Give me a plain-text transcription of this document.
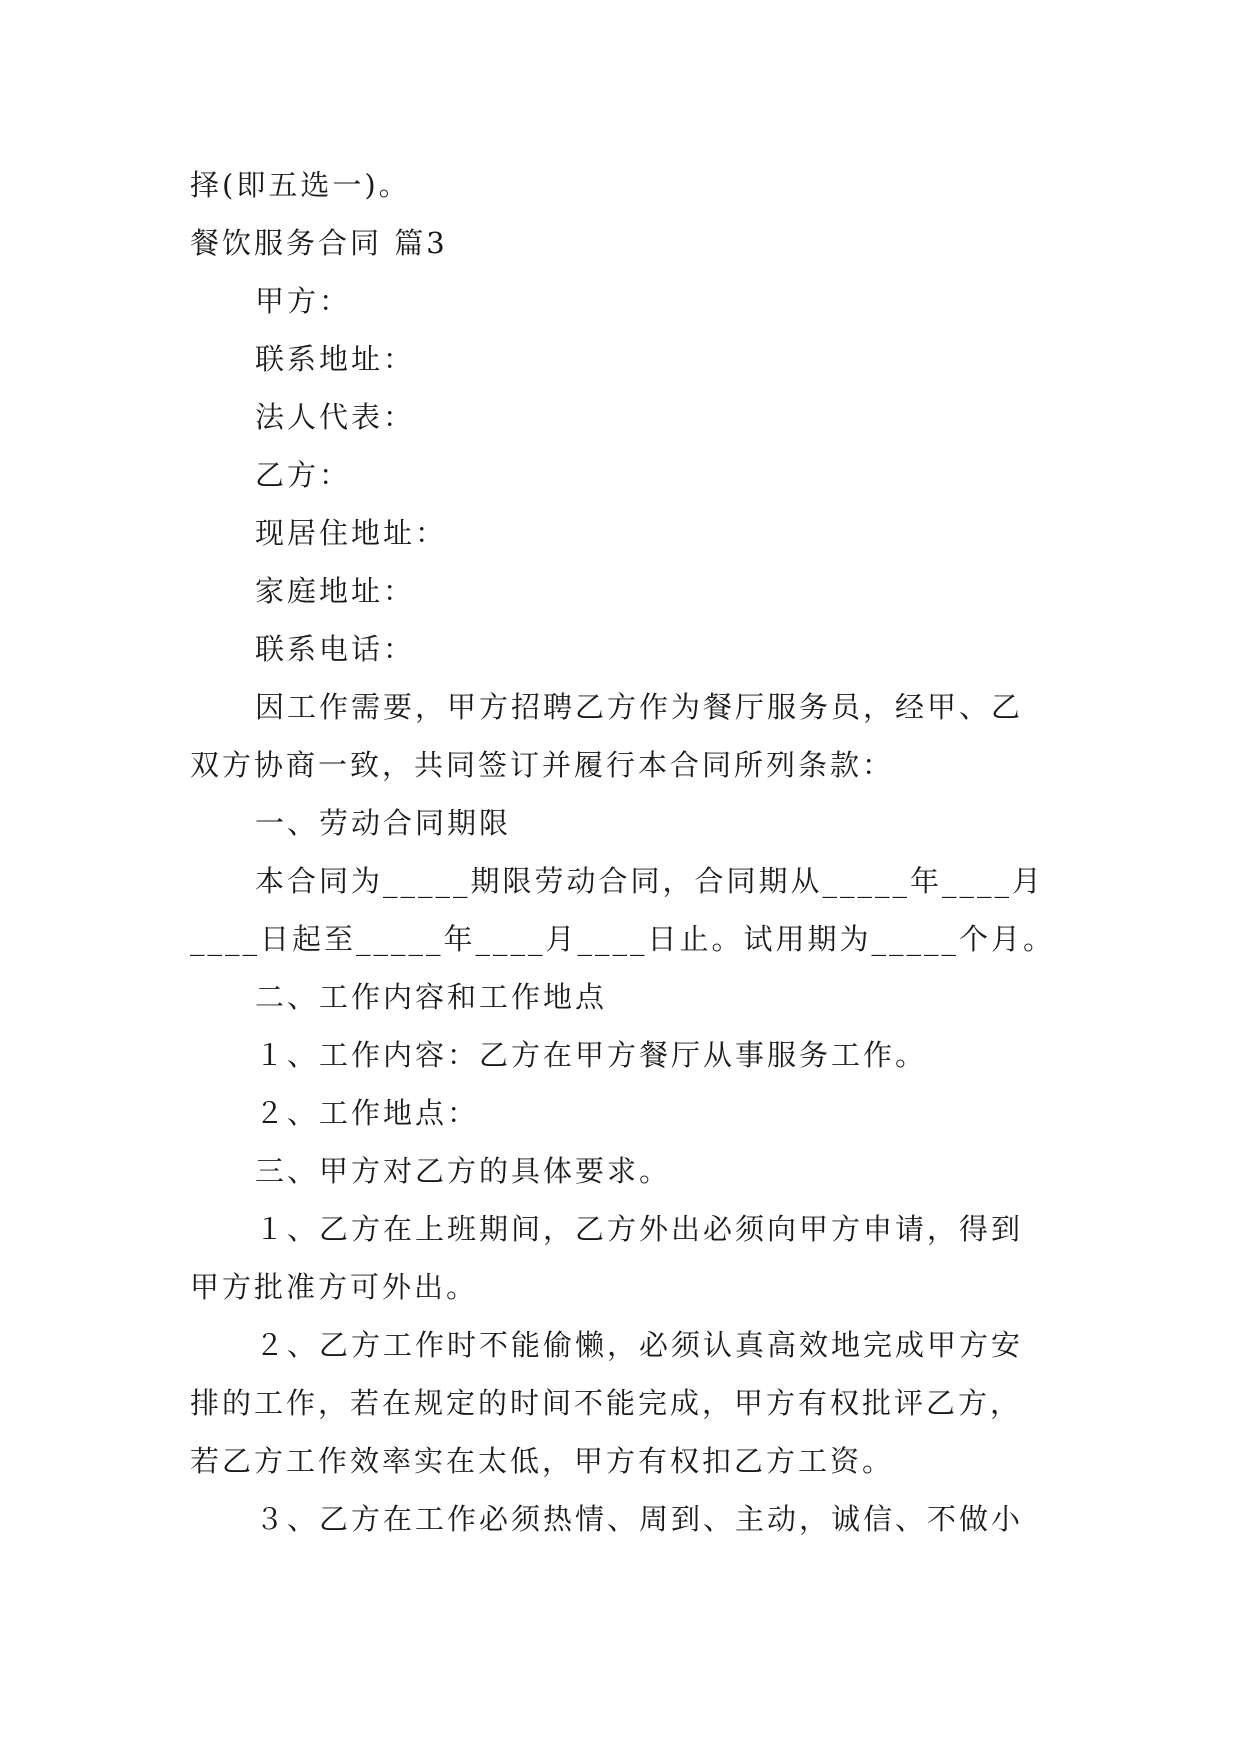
择(即五选一)。
餐饮服务合同 篇3
甲方：
联系地址：
法人代表：
乙方：
现居住地址：
家庭地址：
联系电话：
因工作需要，甲方招聘乙方作为餐厅服务员，经甲、乙
双方协商一致，共同签订并履行本合同所列条款：
一、劳动合同期限
本合同为_____期限劳动合同，合同期从_____年____月
____日起至_____年____月____日止。试用期为_____个月。
二、工作内容和工作地点
１、工作内容：乙方在甲方餐厅从事服务工作。
２、工作地点：
三、甲方对乙方的具体要求。
１、乙方在上班期间，乙方外出必须向甲方申请，得到
甲方批准方可外出。
２、乙方工作时不能偷懒，必须认真高效地完成甲方安
排的工作，若在规定的时间不能完成，甲方有权批评乙方，
若乙方工作效率实在太低，甲方有权扣乙方工资。
３、乙方在工作必须热情、周到、主动，诚信、不做小
